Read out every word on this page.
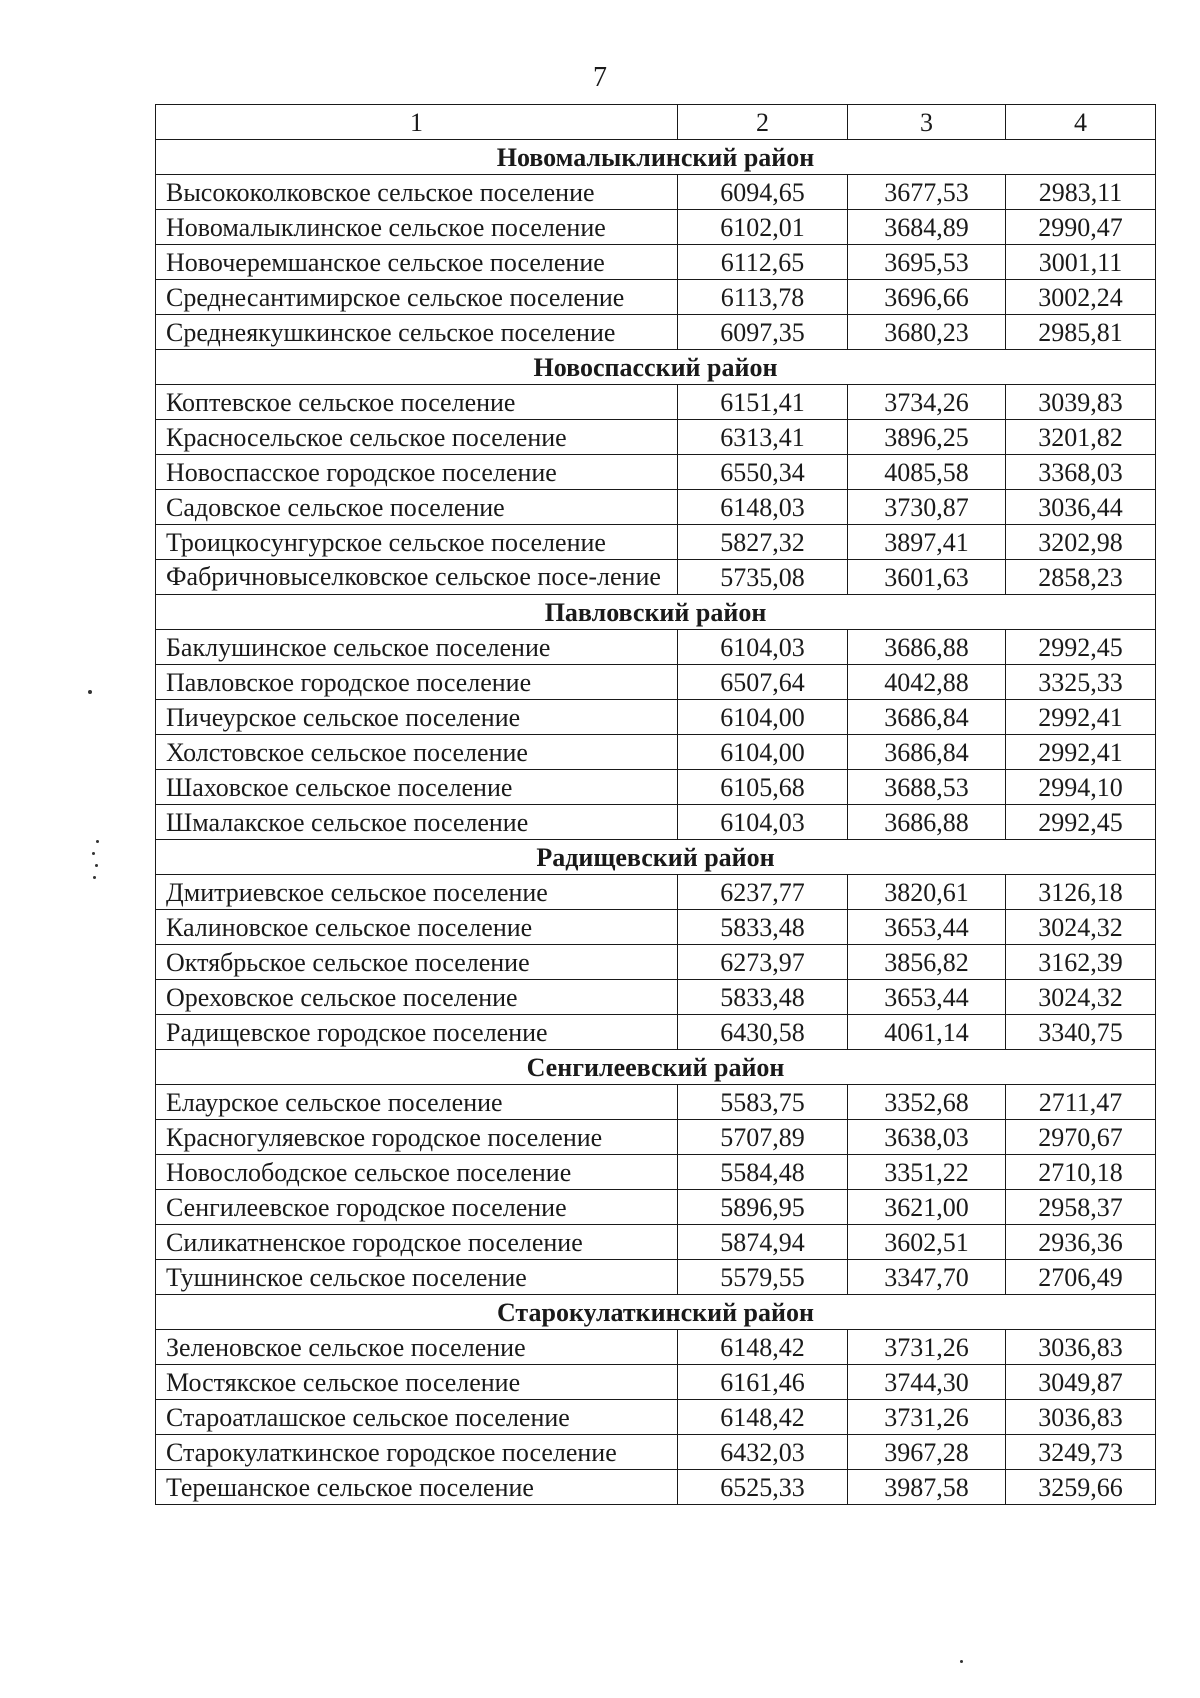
7
1	2	3	4
Новомалыклинский район			
Высококолковское сельское поселение	6094,65	3677,53	2983,11
Новомалыклинское сельское поселение	6102,01	3684,89	2990,47
Новочеремшанское сельское поселение	6112,65	3695,53	3001,11
Среднесантимирское сельское поселение	6113,78	3696,66	3002,24
Среднеякушкинское сельское поселение	6097,35	3680,23	2985,81
Новоспасский район			
Коптевское сельское поселение	6151,41	3734,26	3039,83
Красносельское сельское поселение	6313,41	3896,25	3201,82
Новоспасское городское поселение	6550,34	4085,58	3368,03
Садовское сельское поселение	6148,03	3730,87	3036,44
Троицкосунгурское сельское поселение	5827,32	3897,41	3202,98
Фабричновыселковское сельское посе-ление	5735,08	3601,63	2858,23
Павловский район			
Баклушинское сельское поселение	6104,03	3686,88	2992,45
Павловское городское поселение	6507,64	4042,88	3325,33
Пичеурское сельское поселение	6104,00	3686,84	2992,41
Холстовское сельское поселение	6104,00	3686,84	2992,41
Шаховское сельское поселение	6105,68	3688,53	2994,10
Шмалакское сельское поселение	6104,03	3686,88	2992,45
Радищевский район			
Дмитриевское сельское поселение	6237,77	3820,61	3126,18
Калиновское сельское поселение	5833,48	3653,44	3024,32
Октябрьское сельское поселение	6273,97	3856,82	3162,39
Ореховское сельское поселение	5833,48	3653,44	3024,32
Радищевское городское поселение	6430,58	4061,14	3340,75
Сенгилеевский район			
Елаурское сельское поселение	5583,75	3352,68	2711,47
Красногуляевское городское поселение	5707,89	3638,03	2970,67
Новослободское сельское поселение	5584,48	3351,22	2710,18
Сенгилеевское городское поселение	5896,95	3621,00	2958,37
Силикатненское городское поселение	5874,94	3602,51	2936,36
Тушнинское сельское поселение	5579,55	3347,70	2706,49
Старокулаткинский район			
Зеленовское сельское поселение	6148,42	3731,26	3036,83
Мостякское сельское поселение	6161,46	3744,30	3049,87
Староатлашское сельское поселение	6148,42	3731,26	3036,83
Старокулаткинское городское поселение	6432,03	3967,28	3249,73
Терешанское сельское поселение	6525,33	3987,58	3259,66
